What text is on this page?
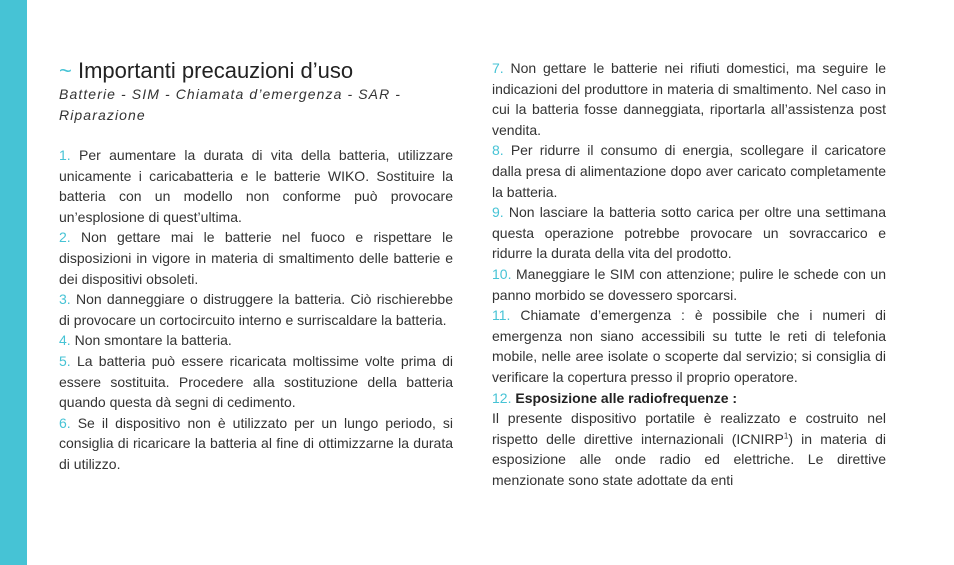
~ Importanti precauzioni d’uso

Batterie - SIM - Chiamata d’emergenza - SAR - Riparazione

1. Per aumentare la durata di vita della batteria, utilizzare unicamente i caricabatteria e le batterie WIKO. Sostituire la batteria con un modello non conforme può provocare un’esplosione di quest’ultima.

2. Non gettare mai le batterie nel fuoco e rispettare le disposizioni in vigore in materia di smaltimento delle batterie e dei dispositivi obsoleti.

3. Non danneggiare o distruggere la batteria. Ciò rischierebbe di provocare un cortocircuito interno e surriscaldare la batteria.

4. Non smontare la batteria.

5. La batteria può essere ricaricata moltissime volte prima di essere sostituita. Procedere alla sostituzione della batteria quando questa dà segni di cedimento.

6. Se il dispositivo non è utilizzato per un lungo periodo, si consiglia di ricaricare la batteria al fine di ottimizzarne la durata di utilizzo.

7. Non gettare le batterie nei rifiuti domestici, ma seguire le indicazioni del produttore in materia di smaltimento. Nel caso in cui la batteria fosse danneggiata, riportarla all’assistenza post vendita.

8. Per ridurre il consumo di energia, scollegare il caricatore dalla presa di alimentazione dopo aver caricato completamente la batteria.

9. Non lasciare la batteria sotto carica per oltre una settimana questa operazione potrebbe provocare un sovraccarico e ridurre la durata della vita del prodotto.

10. Maneggiare le SIM con attenzione; pulire le schede con un panno morbido se dovessero sporcarsi.

11. Chiamate d’emergenza : è possibile che i numeri di emergenza non siano accessibili su tutte le reti di telefonia mobile, nelle aree isolate o scoperte dal servizio; si consiglia di verificare la copertura presso il proprio operatore.

12. Esposizione alle radiofrequenze :
Il presente dispositivo portatile è realizzato e costruito nel rispetto delle direttive internazionali (ICNIRP$^1$) in materia di esposizione alle onde radio ed elettriche. Le direttive menzionate sono state adottate da enti
